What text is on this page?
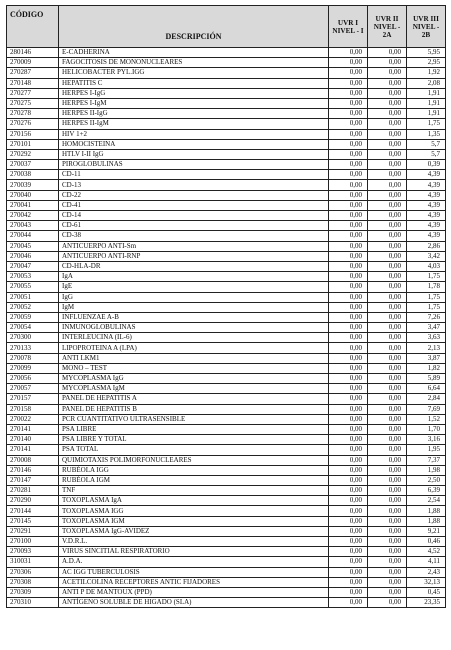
CÓDIGO	DESCRIPCIÓN	UVR I NIVEL - I	UVR II NIVEL - 2A	UVR III NIVEL - 2B
280146	E-CADHERINA	0,00	0,00	5,95
270009	FAGOCITOSIS DE MONONUCLEARES	0,00	0,00	2,95
270287	HELICOBACTER PYL.IGG	0,00	0,00	1,92
270148	HEPATITIS C	0,00	0,00	2,08
270277	HERPES I-IgG	0,00	0,00	1,91
270275	HERPES I-IgM	0,00	0,00	1,91
270278	HERPES II-IgG	0,00	0,00	1,91
270276	HERPES II-IgM	0,00	0,00	1,75
270156	HIV 1+2	0,00	0,00	1,35
270101	HOMOCISTEINA	0,00	0,00	5,7
270292	HTLV I-II IgG	0,00	0,00	5,7
270037	PIROGLOBULINAS	0,00	0,00	0,39
270038	CD-11	0,00	0,00	4,39
270039	CD-13	0,00	0,00	4,39
270040	CD-22	0,00	0,00	4,39
270041	CD-41	0,00	0,00	4,39
270042	CD-14	0,00	0,00	4,39
270043	CD-61	0,00	0,00	4,39
270044	CD-38	0,00	0,00	4,39
270045	ANTICUERPO ANTI-Sm	0,00	0,00	2,86
270046	ANTICUERPO ANTI-RNP	0,00	0,00	3,42
270047	CD-HLA-DR	0,00	0,00	4,03
270053	IgA	0,00	0,00	1,75
270055	IgE	0,00	0,00	1,78
270051	IgG	0,00	0,00	1,75
270052	IgM	0,00	0,00	1,75
270059	INFLUENZAE A-B	0,00	0,00	7,26
270054	INMUNOGLOBULINAS	0,00	0,00	3,47
270300	INTERLEUCINA (IL-6)	0,00	0,00	3,63
270133	LIPOPROTEINA A (LPA)	0,00	0,00	2,13
270078	ANTI LKM1	0,00	0,00	3,87
270099	MONO – TEST	0,00	0,00	1,82
270056	MYCOPLASMA IgG	0,00	0,00	5,89
270057	MYCOPLASMA IgM	0,00	0,00	6,64
270157	PANEL DE HEPATITIS A	0,00	0,00	2,84
270158	PANEL DE HEPATITIS B	0,00	0,00	7,69
270022	PCR CUANTITATIVO ULTRASENSIBLE	0,00	0,00	1,52
270141	PSA LIBRE	0,00	0,00	1,70
270140	PSA LIBRE Y TOTAL	0,00	0,00	3,16
270141	PSA TOTAL	0,00	0,00	1,95
270008	QUIMIOTAXIS POLIMORFONUCLEARES	0,00	0,00	7,37
270146	RUBÉOLA IGG	0,00	0,00	1,98
270147	RUBÉOLA IGM	0,00	0,00	2,50
270281	TNF	0,00	0,00	6,39
270290	TOXOPLASMA IgA	0,00	0,00	2,54
270144	TOXOPLASMA IGG	0,00	0,00	1,88
270145	TOXOPLASMA IGM	0,00	0,00	1,88
270291	TOXOPLASMA IgG-AVIDEZ	0,00	0,00	9,21
270100	V.D.R.L.	0,00	0,00	0,46
270093	VIRUS SINCITIAL RESPIRATORIO	0,00	0,00	4,52
310031	A.D.A.	0,00	0,00	4,11
270306	AC IGG TUBERCULOSIS	0,00	0,00	2,43
270308	ACETILCOLINA RECEPTORES ANTIC FIJADORES	0,00	0,00	32,13
270309	ANTI P DE MANTOUX (PPD)	0,00	0,00	0,45
270310	ANTÍGENO SOLUBLE DE HIGADO (SLA)	0,00	0,00	23,35
